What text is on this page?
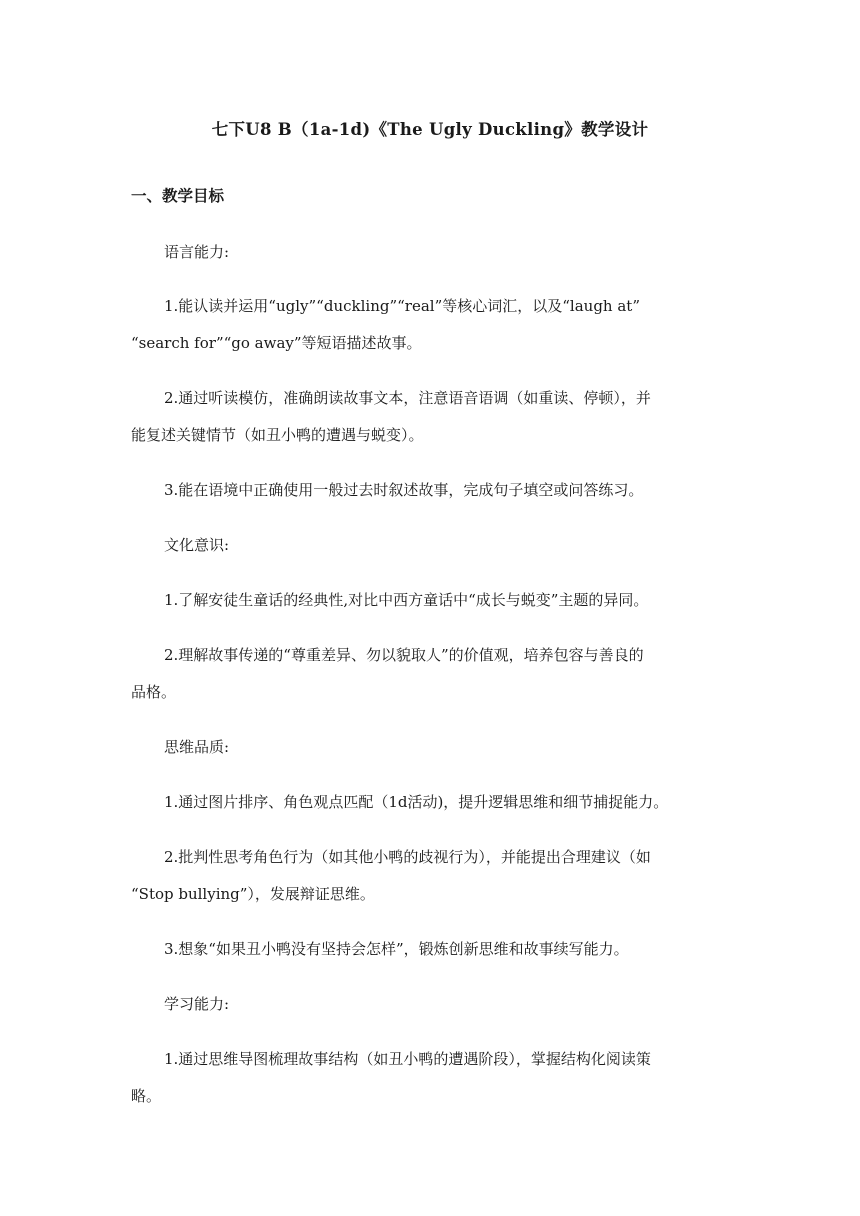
七下U8 B（1a-1d)《The Ugly Duckling》教学设计
一、教学目标
语言能力:
1.能认读并运用“ugly”“duckling”“real”等核心词汇，以及“laugh at”
“search for”“go away”等短语描述故事。
2.通过听读模仿，准确朗读故事文本，注意语音语调（如重读、停顿），并
能复述关键情节（如丑小鸭的遭遇与蜕变）。
3.能在语境中正确使用一般过去时叙述故事，完成句子填空或问答练习。
文化意识:
1.了解安徒生童话的经典性,对比中西方童话中“成长与蜕变”主题的异同。
2.理解故事传递的“尊重差异、勿以貌取人”的价值观，培养包容与善良的
品格。
思维品质:
1.通过图片排序、角色观点匹配（1d活动)，提升逻辑思维和细节捕捉能力。
2.批判性思考角色行为（如其他小鸭的歧视行为），并能提出合理建议（如
“Stop bullying”），发展辩证思维。
3.想象“如果丑小鸭没有坚持会怎样”，锻炼创新思维和故事续写能力。
学习能力:
1.通过思维导图梳理故事结构（如丑小鸭的遭遇阶段），掌握结构化阅读策
略。
